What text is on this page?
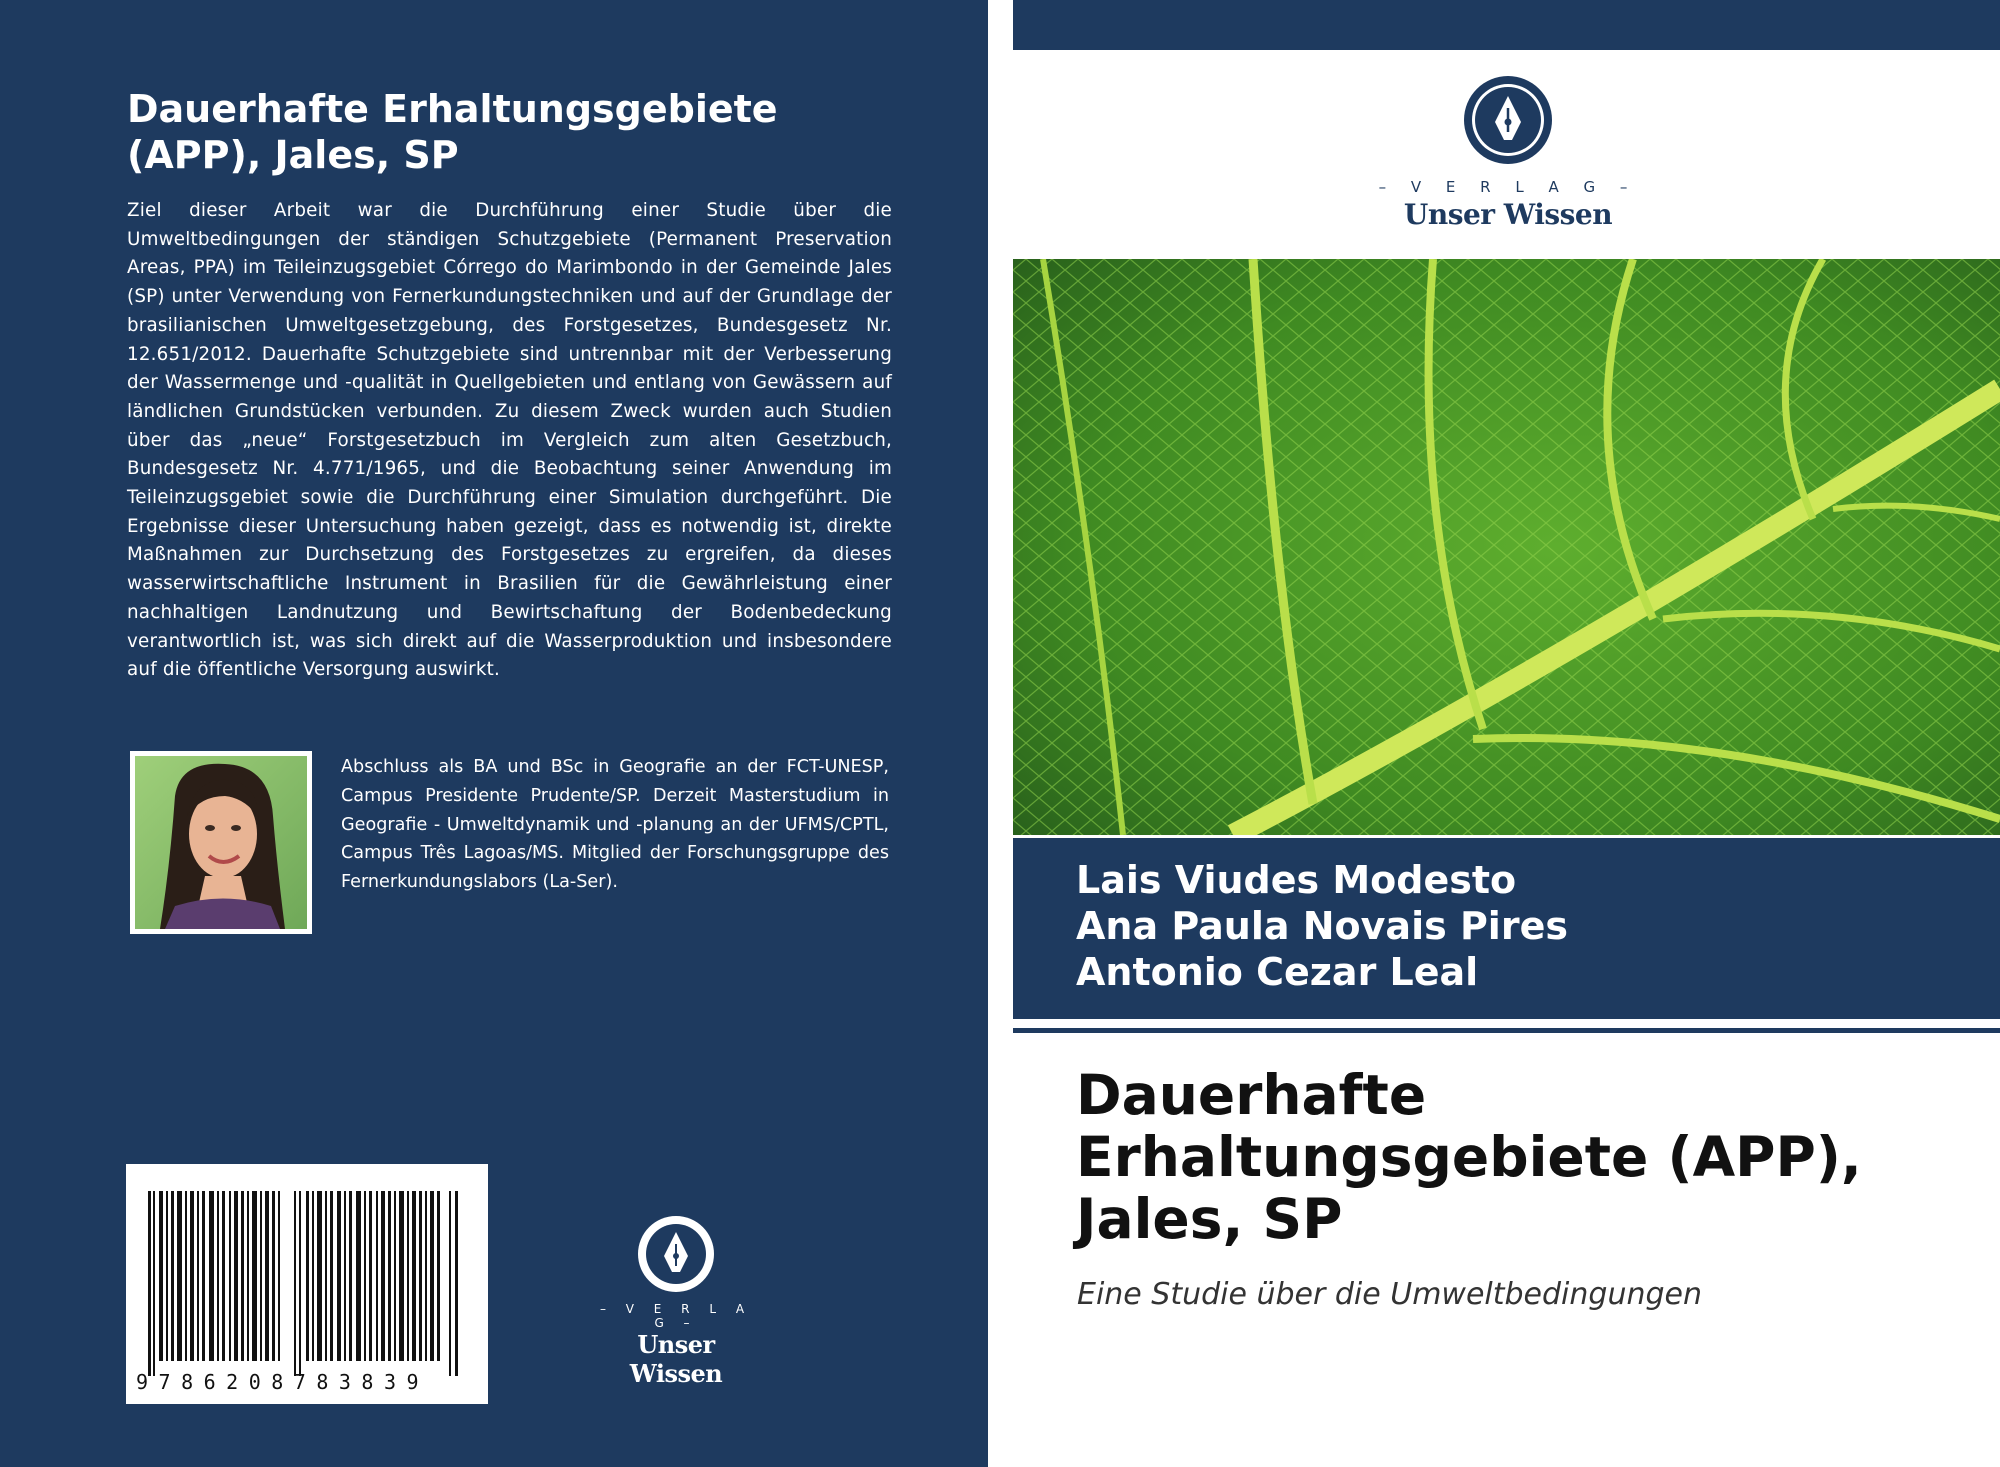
Dauerhafte Erhaltungsgebiete
(APP), Jales, SP
Ziel dieser Arbeit war die Durchführung einer Studie über die Umweltbedingungen der ständigen Schutzgebiete (Permanent Preservation Areas, PPA) im Teileinzugsgebiet Córrego do Marimbondo in der Gemeinde Jales (SP) unter Verwendung von Fernerkundungstechniken und auf der Grundlage der brasilianischen Umweltgesetzgebung, des Forstgesetzes, Bundesgesetz Nr. 12.651/2012. Dauerhafte Schutzgebiete sind untrennbar mit der Verbesserung der Wassermenge und -qualität in Quellgebieten und entlang von Gewässern auf ländlichen Grundstücken verbunden. Zu diesem Zweck wurden auch Studien über das „neue“ Forstgesetzbuch im Vergleich zum alten Gesetzbuch, Bundesgesetz Nr. 4.771/1965, und die Beobachtung seiner Anwendung im Teileinzugsgebiet sowie die Durchführung einer Simulation durchgeführt. Die Ergebnisse dieser Untersuchung haben gezeigt, dass es notwendig ist, direkte Maßnahmen zur Durchsetzung des Forstgesetzes zu ergreifen, da dieses wasserwirtschaftliche Instrument in Brasilien für die Gewährleistung einer nachhaltigen Landnutzung und Bewirtschaftung der Bodenbedeckung verantwortlich ist, was sich direkt auf die Wasserproduktion und insbesondere auf die öffentliche Versorgung auswirkt.
Abschluss als BA und BSc in Geografie an der FCT-UNESP, Campus Presidente Prudente/SP. Derzeit Masterstudium in Geografie - Umweltdynamik und -planung an der UFMS/CPTL, Campus Três Lagoas/MS. Mitglied der Forschungsgruppe des Fernerkundungslabors (La-Ser).
9786208783839
– V E R L A G –
Unser Wissen
– V E R L A G –
Unser Wissen
Lais Viudes Modesto
Ana Paula Novais Pires
Antonio Cezar Leal
Dauerhafte
Erhaltungsgebiete (APP),
Jales, SP
Eine Studie über die Umweltbedingungen
